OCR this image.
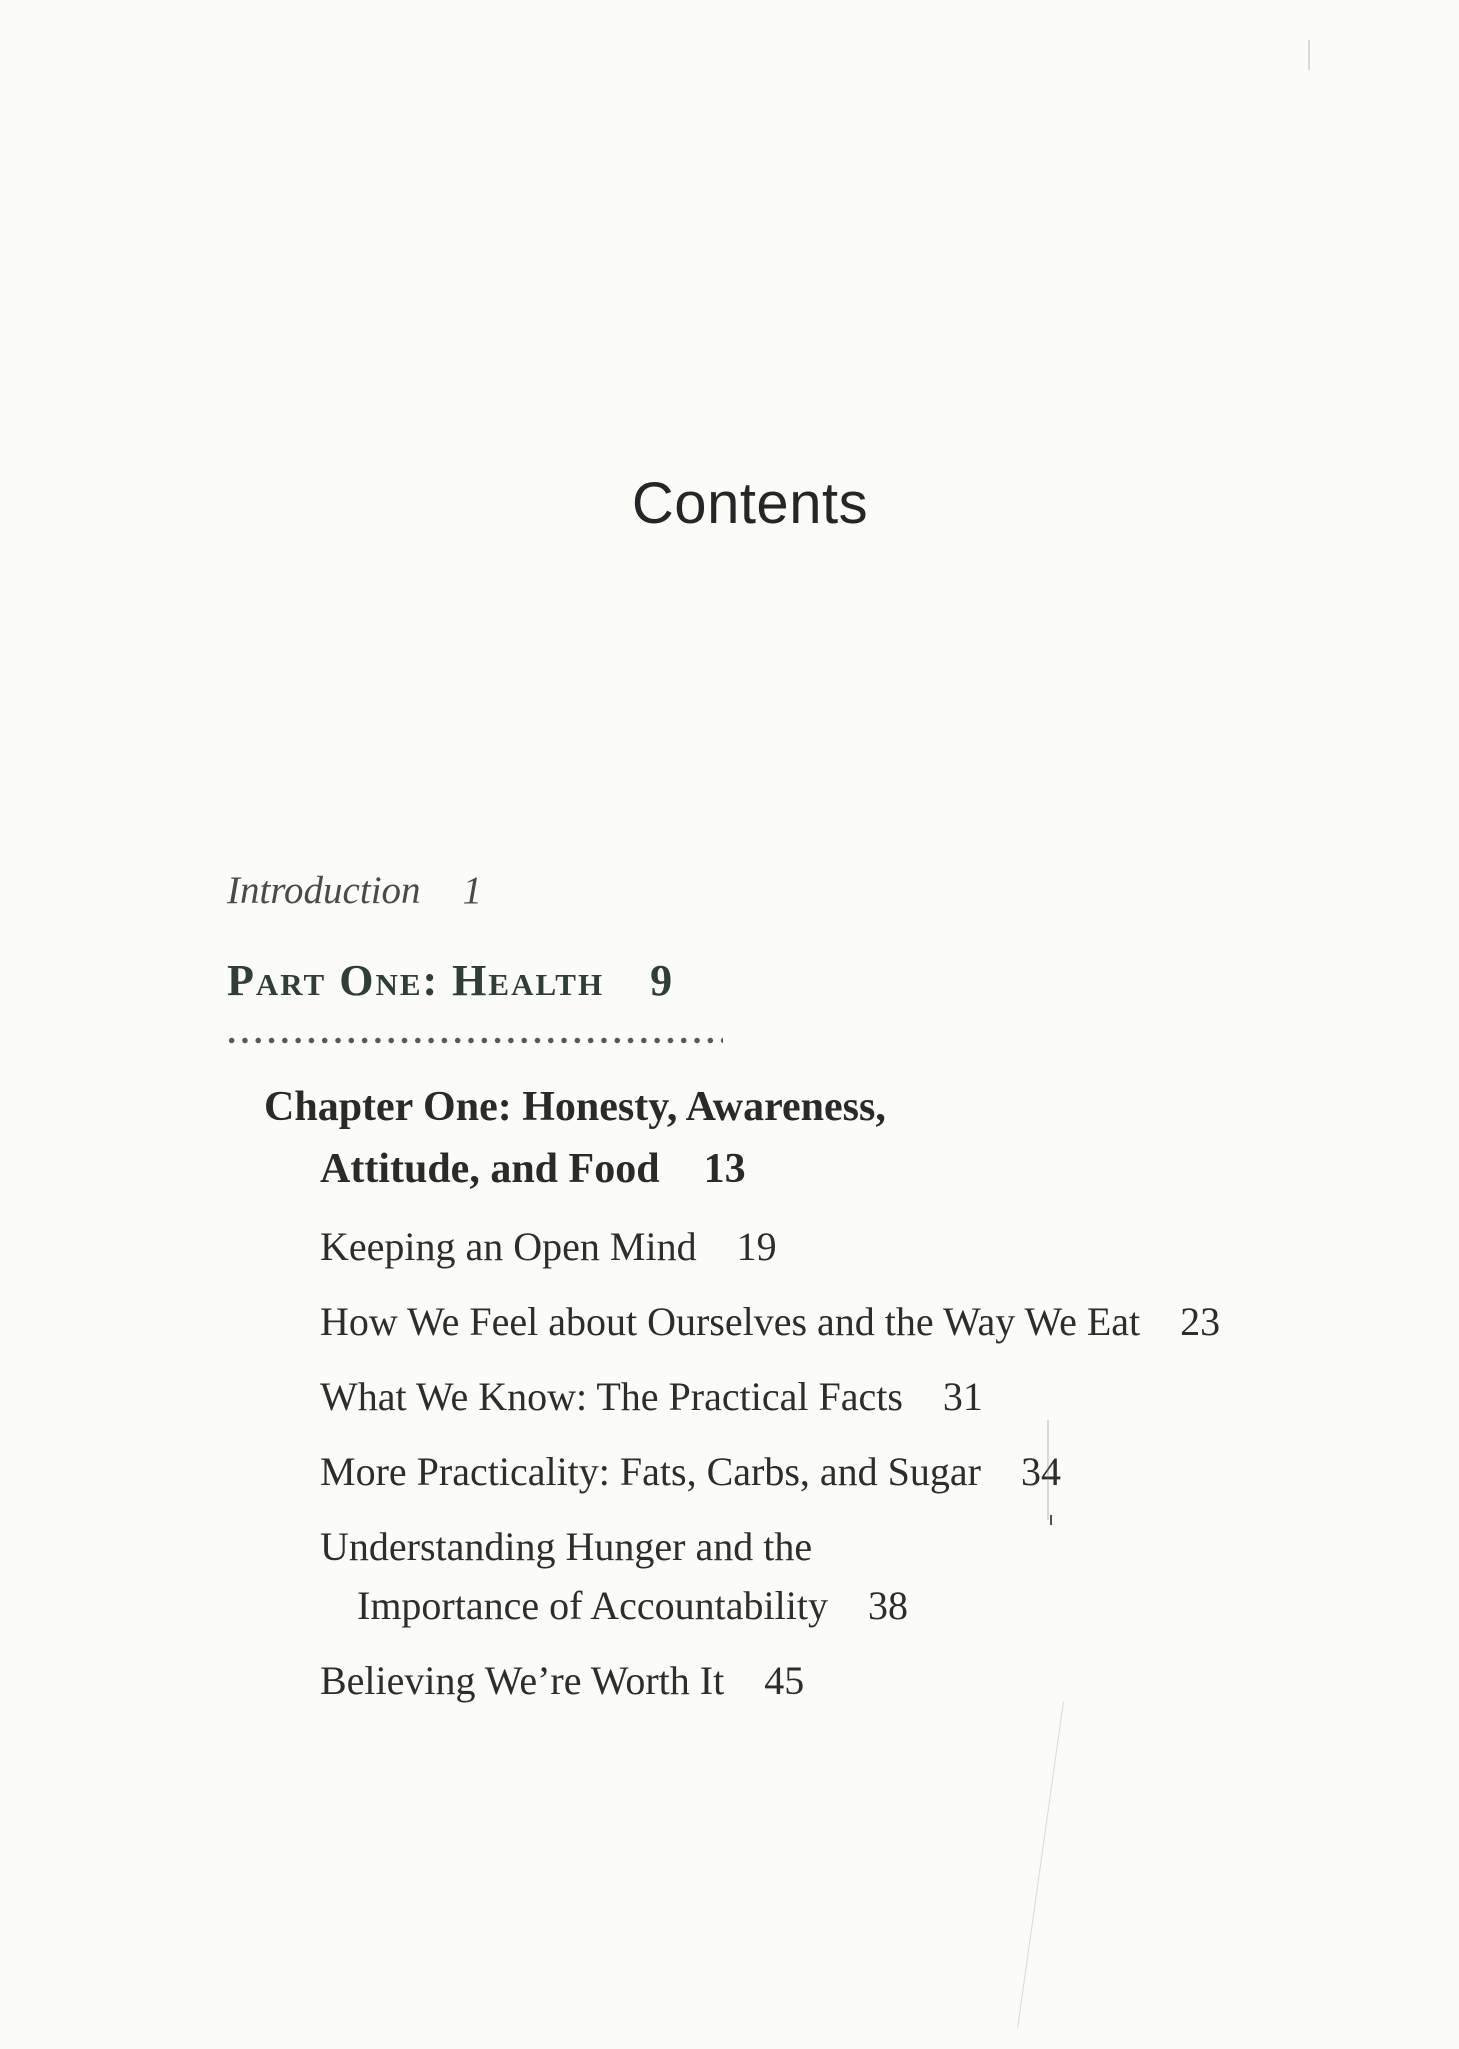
Contents
Introduction 1
Part One: Health 9
Chapter One: Honesty, Awareness,
Attitude, and Food 13
Keeping an Open Mind 19
How We Feel about Ourselves and the Way We Eat 23
What We Know: The Practical Facts 31
More Practicality: Fats, Carbs, and Sugar 34
Understanding Hunger and the
Importance of Accountability 38
Believing We’re Worth It 45
